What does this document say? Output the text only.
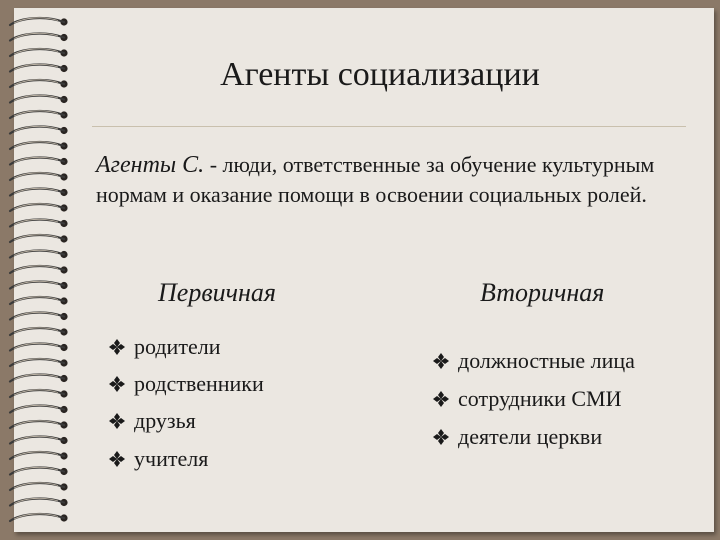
Агенты социализации
Агенты С. - люди, ответственные за обучение культурным нормам и оказание помощи в освоении социальных ролей.
Первичная	Вторичная
родители
родственники
друзья
учителя
должностные лица
сотрудники СМИ
деятели церкви
